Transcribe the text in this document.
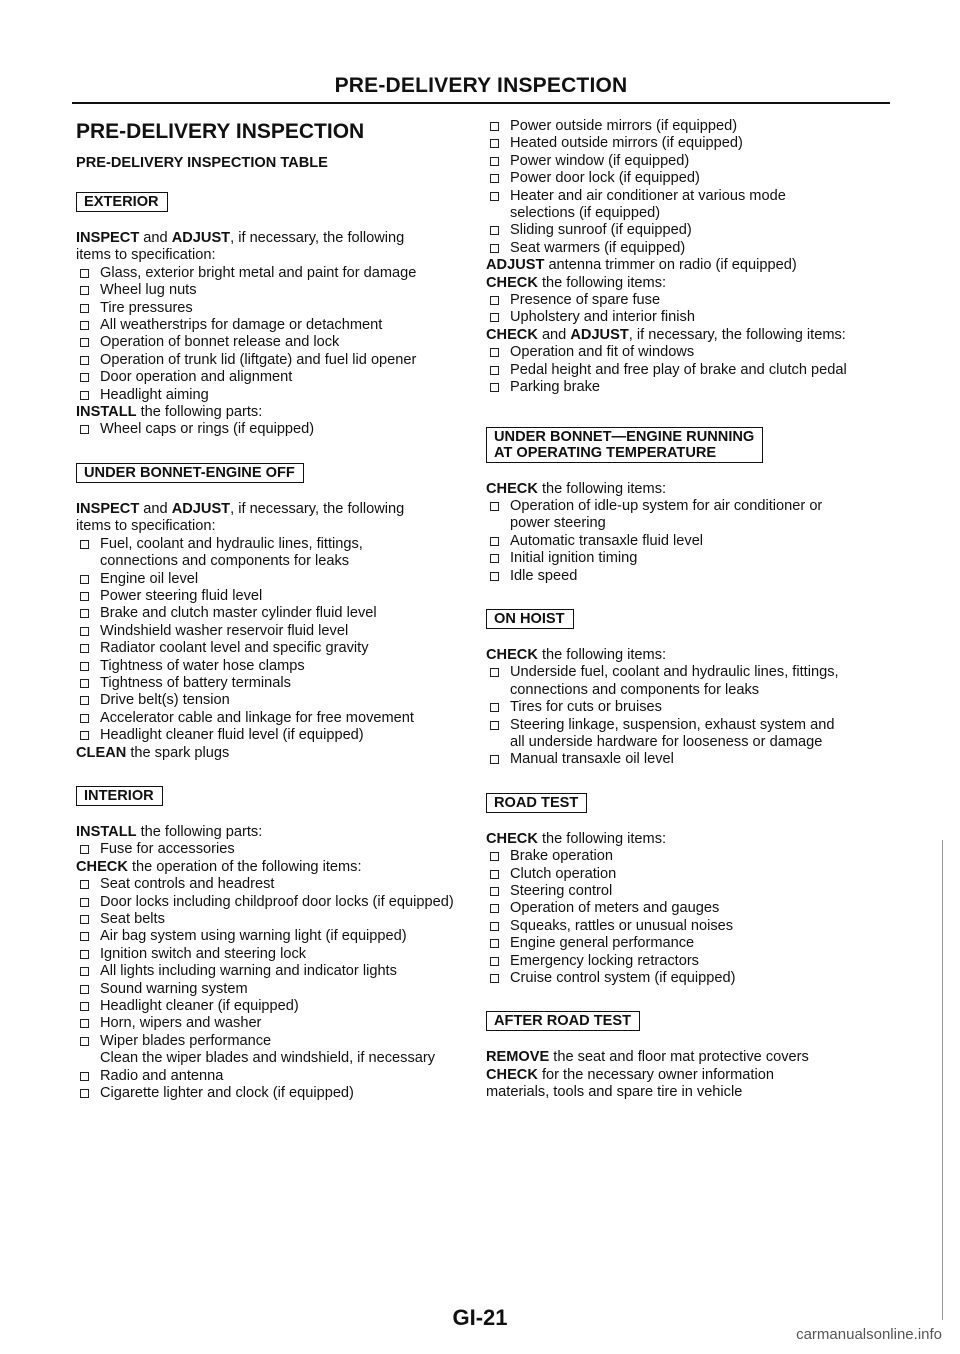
PRE-DELIVERY INSPECTION
PRE-DELIVERY INSPECTION
PRE-DELIVERY INSPECTION TABLE
EXTERIOR
INSPECT and ADJUST, if necessary, the following
items to specification:
Glass, exterior bright metal and paint for damage
Wheel lug nuts
Tire pressures
All weatherstrips for damage or detachment
Operation of bonnet release and lock
Operation of trunk lid (liftgate) and fuel lid opener
Door operation and alignment
Headlight aiming
INSTALL the following parts:
Wheel caps or rings (if equipped)
UNDER BONNET-ENGINE OFF
INSPECT and ADJUST, if necessary, the following
items to specification:
Fuel, coolant and hydraulic lines, fittings,
connections and components for leaks
Engine oil level
Power steering fluid level
Brake and clutch master cylinder fluid level
Windshield washer reservoir fluid level
Radiator coolant level and specific gravity
Tightness of water hose clamps
Tightness of battery terminals
Drive belt(s) tension
Accelerator cable and linkage for free movement
Headlight cleaner fluid level (if equipped)
CLEAN the spark plugs
INTERIOR
INSTALL the following parts:
Fuse for accessories
CHECK the operation of the following items:
Seat controls and headrest
Door locks including childproof door locks (if equipped)
Seat belts
Air bag system using warning light (if equipped)
Ignition switch and steering lock
All lights including warning and indicator lights
Sound warning system
Headlight cleaner (if equipped)
Horn, wipers and washer
Wiper blades performance
Clean the wiper blades and windshield, if necessary
Radio and antenna
Cigarette lighter and clock (if equipped)
Power outside mirrors (if equipped)
Heated outside mirrors (if equipped)
Power window (if equipped)
Power door lock (if equipped)
Heater and air conditioner at various mode
selections (if equipped)
Sliding sunroof (if equipped)
Seat warmers (if equipped)
ADJUST antenna trimmer on radio (if equipped)
CHECK the following items:
Presence of spare fuse
Upholstery and interior finish
CHECK and ADJUST, if necessary, the following items:
Operation and fit of windows
Pedal height and free play of brake and clutch pedal
Parking brake
UNDER BONNET—ENGINE RUNNING
AT OPERATING TEMPERATURE
CHECK the following items:
Operation of idle-up system for air conditioner or
power steering
Automatic transaxle fluid level
Initial ignition timing
Idle speed
ON HOIST
CHECK the following items:
Underside fuel, coolant and hydraulic lines, fittings,
connections and components for leaks
Tires for cuts or bruises
Steering linkage, suspension, exhaust system and
all underside hardware for looseness or damage
Manual transaxle oil level
ROAD TEST
CHECK the following items:
Brake operation
Clutch operation
Steering control
Operation of meters and gauges
Squeaks, rattles or unusual noises
Engine general performance
Emergency locking retractors
Cruise control system (if equipped)
AFTER ROAD TEST
REMOVE the seat and floor mat protective covers
CHECK for the necessary owner information
materials, tools and spare tire in vehicle
GI-21
carmanualsonline.info
